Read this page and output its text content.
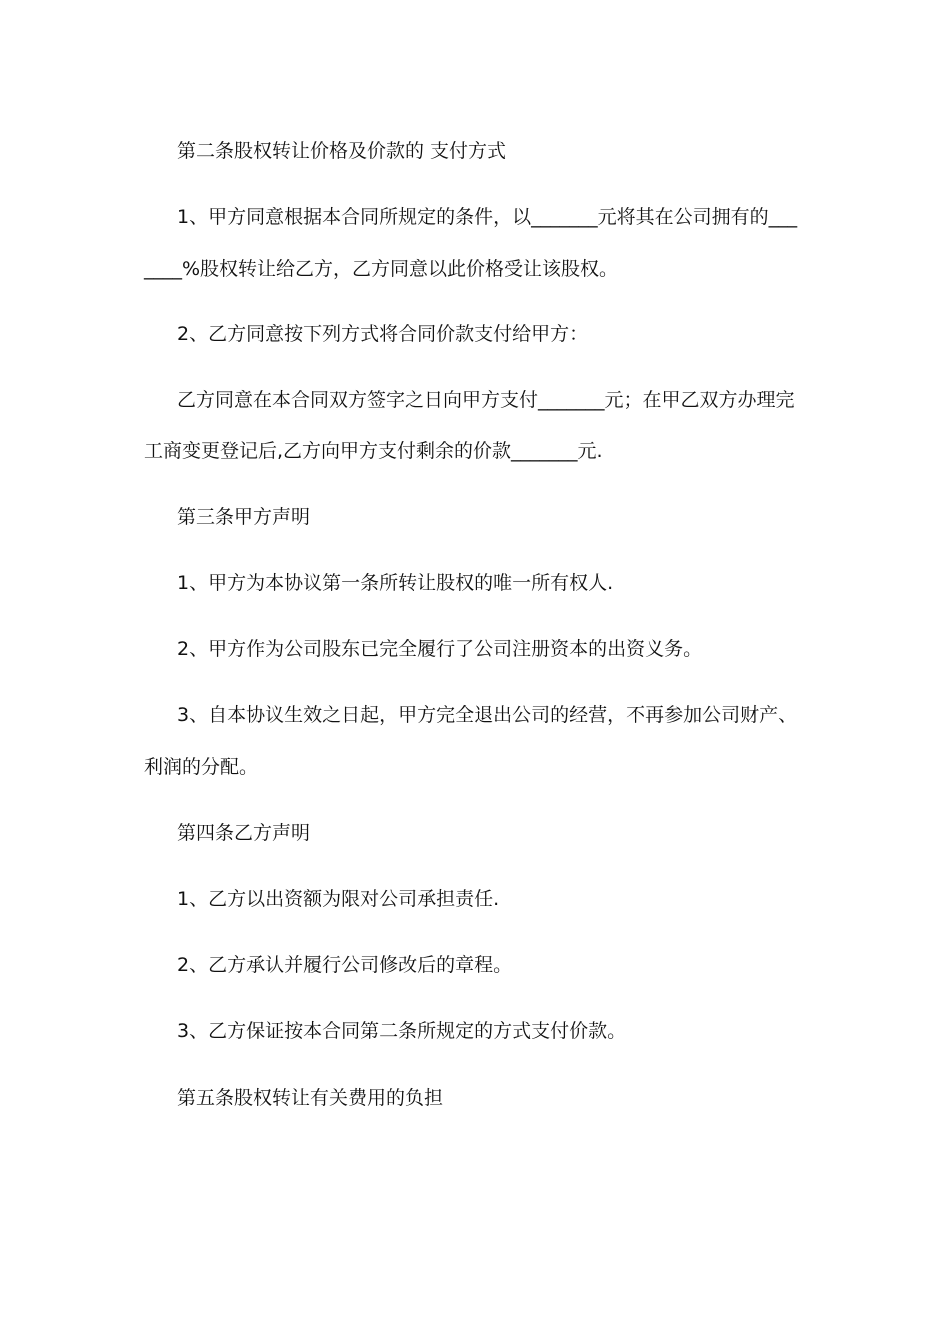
第二条股权转让价格及价款的 支付方式
1、甲方同意根据本合同所规定的条件，以_______元将其在公司拥有的___
____%股权转让给乙方，乙方同意以此价格受让该股权。
2、乙方同意按下列方式将合同价款支付给甲方：
乙方同意在本合同双方签字之日向甲方支付_______元；在甲乙双方办理完
工商变更登记后,乙方向甲方支付剩余的价款_______元.
第三条甲方声明
1、甲方为本协议第一条所转让股权的唯一所有权人.
2、甲方作为公司股东已完全履行了公司注册资本的出资义务。
3、自本协议生效之日起，甲方完全退出公司的经营，不再参加公司财产、
利润的分配。
第四条乙方声明
1、乙方以出资额为限对公司承担责任.
2、乙方承认并履行公司修改后的章程。
3、乙方保证按本合同第二条所规定的方式支付价款。
第五条股权转让有关费用的负担
